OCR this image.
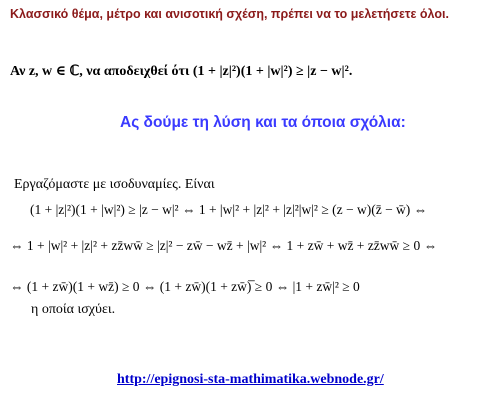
Κλασσικό θέμα, μέτρο και ανισοτική σχέση, πρέπει να το μελετήσετε όλοι.
Αν z, w ∈ ℂ, να αποδειχθεί ότι (1 + |z|²)(1 + |w|²) ≥ |z − w|².
Ας δούμε τη λύση και τα όποια σχόλια:
Εργαζόμαστε με ισοδυναμίες. Είναι
(1 + |z|²)(1 + |w|²) ≥ |z − w|² ⇔ 1 + |w|² + |z|² + |z|²|w|² ≥ (z − w)(z̄ − w̄) ⇔
⇔ 1 + |w|² + |z|² + zz̄ww̄ ≥ |z|² − zw̄ − wz̄ + |w|² ⇔ 1 + zw̄ + wz̄ + zz̄ww̄ ≥ 0 ⇔
⇔ (1 + zw̄)(1 + wz̄) ≥ 0 ⇔ (1 + zw̄)(1 + zw̄)̅ ≥ 0 ⇔ |1 + zw̄|² ≥ 0
η οποία ισχύει.
http://epignosi-sta-mathimatika.webnode.gr/
